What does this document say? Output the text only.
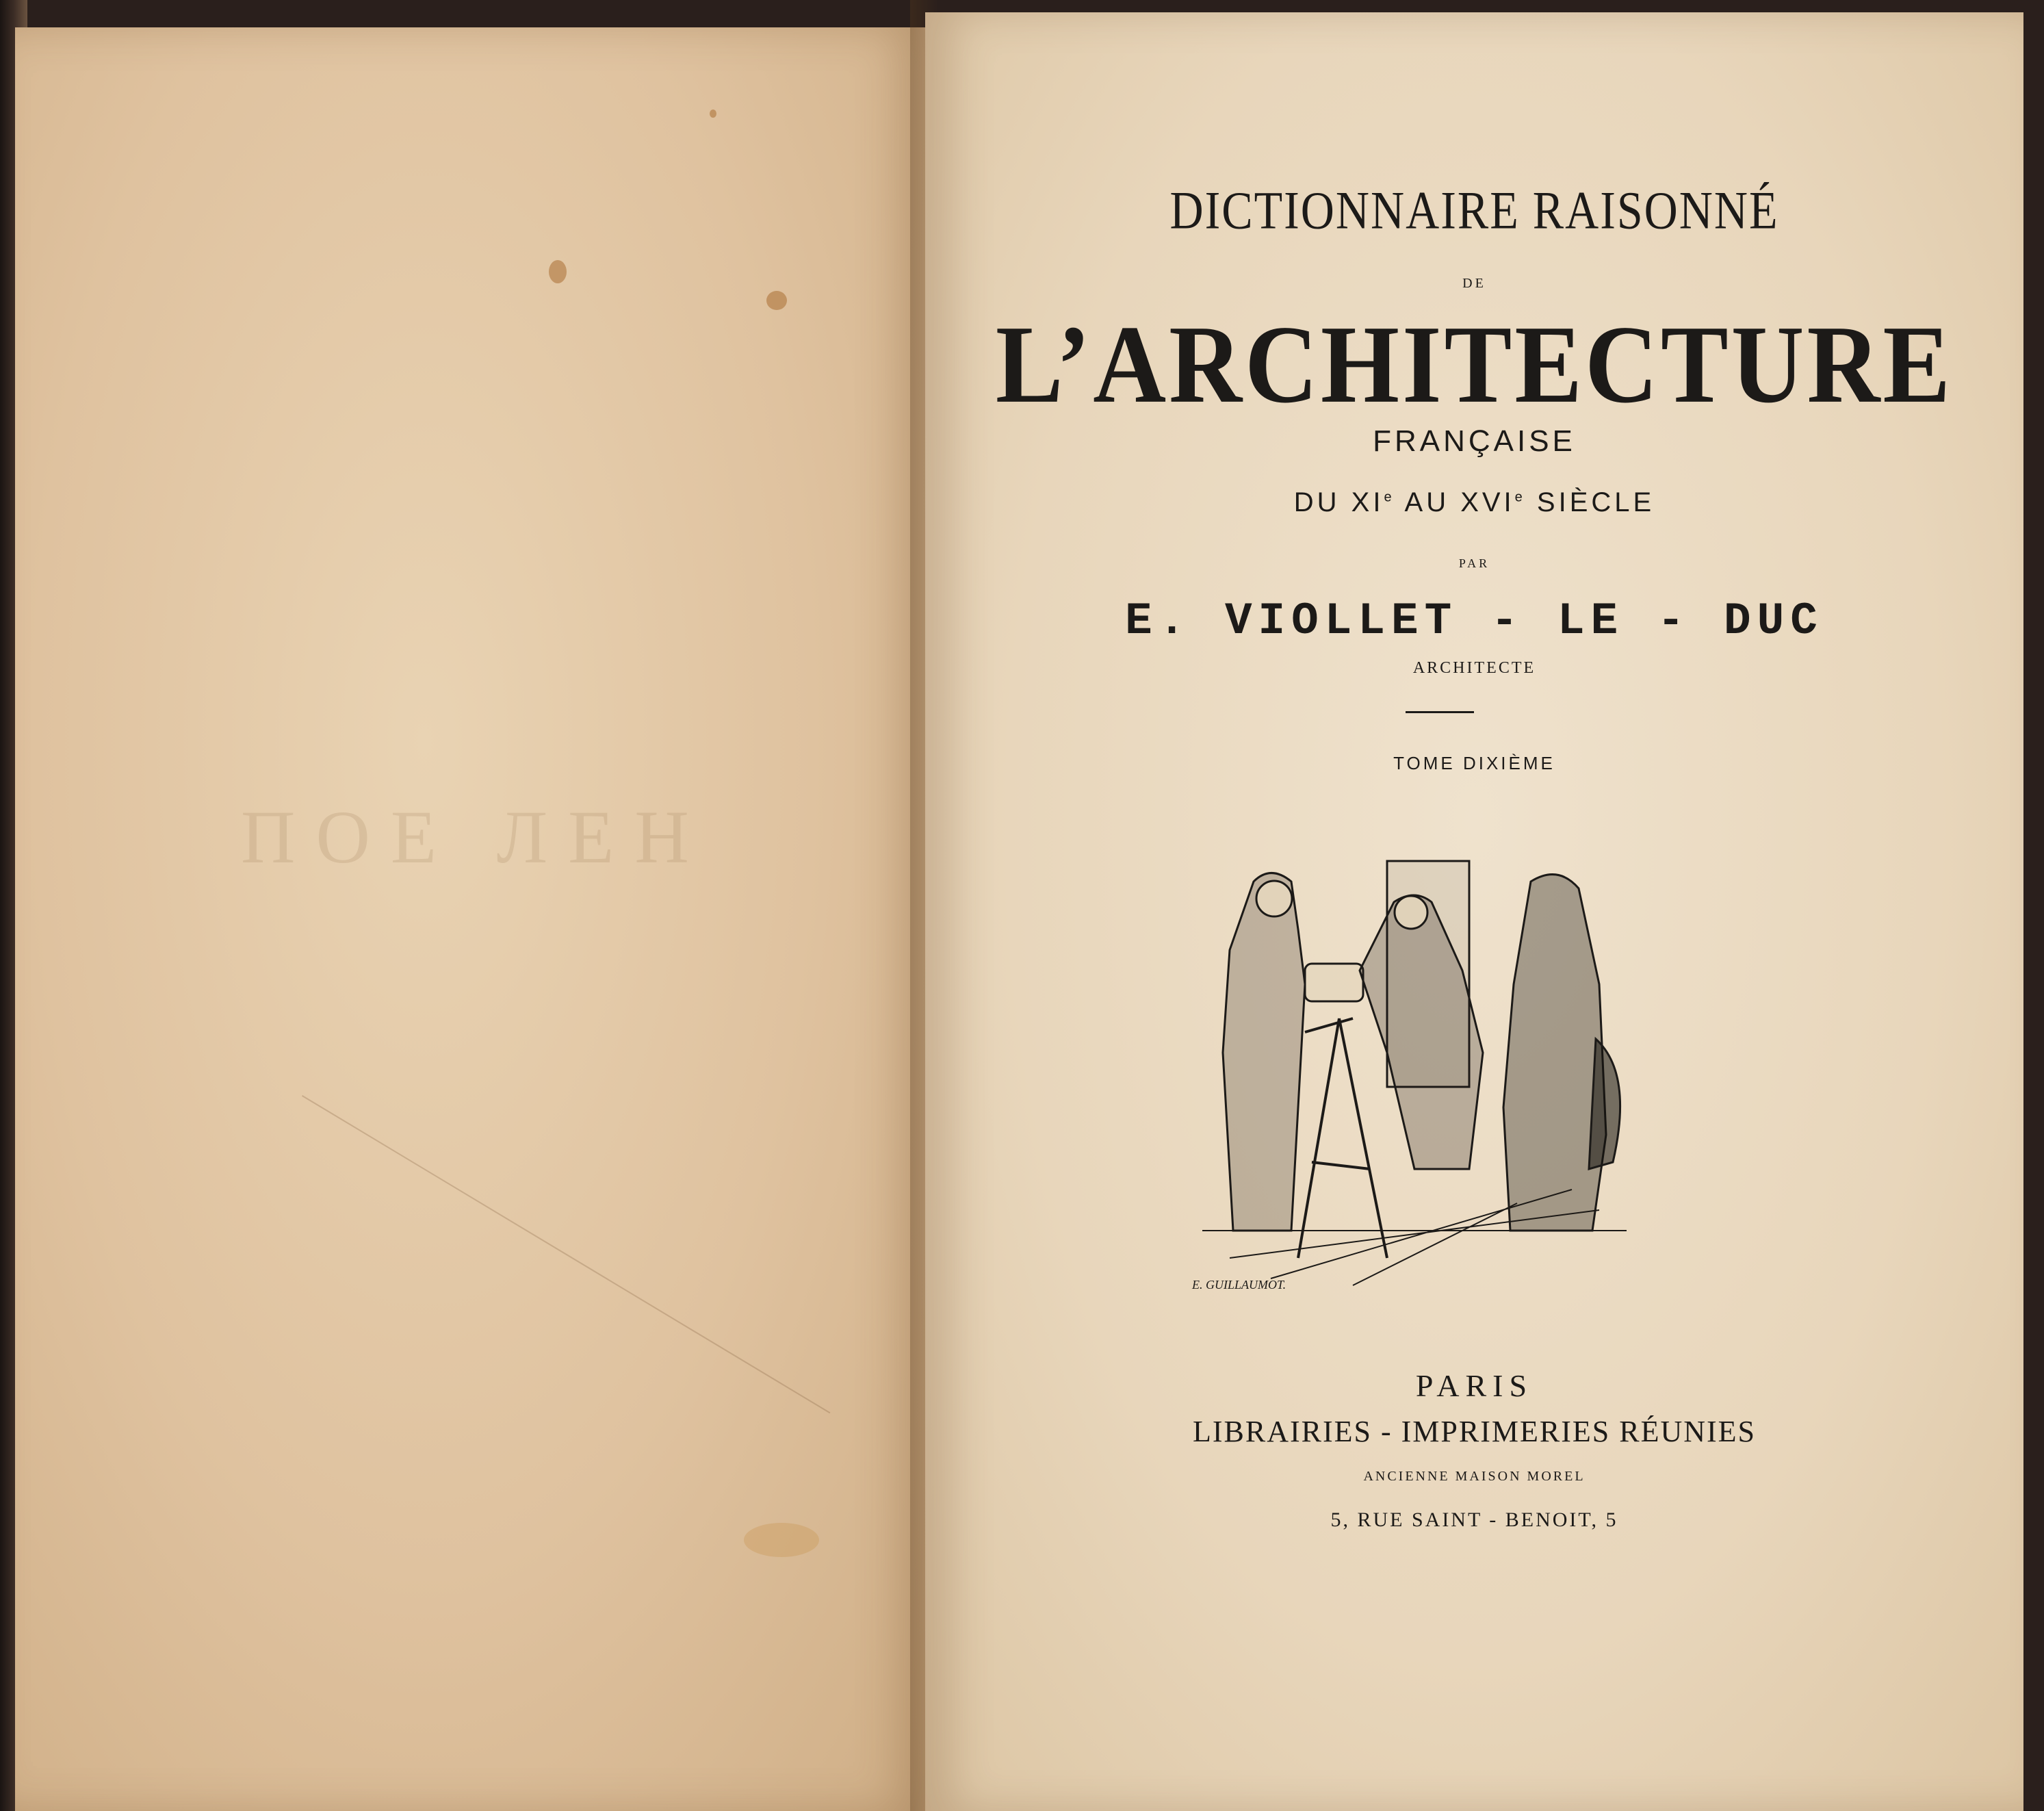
ПОЕ ЛЕН
DICTIONNAIRE RAISONNÉ
DE
L’ARCHITECTURE
FRANÇAISE
DU XIe AU XVIe SIÈCLE
PAR
E. VIOLLET - LE - DUC
ARCHITECTE
TOME DIXIÈME
E. GUILLAUMOT.
PARIS
LIBRAIRIES - IMPRIMERIES RÉUNIES
ANCIENNE MAISON MOREL
5, RUE SAINT - BENOIT, 5
